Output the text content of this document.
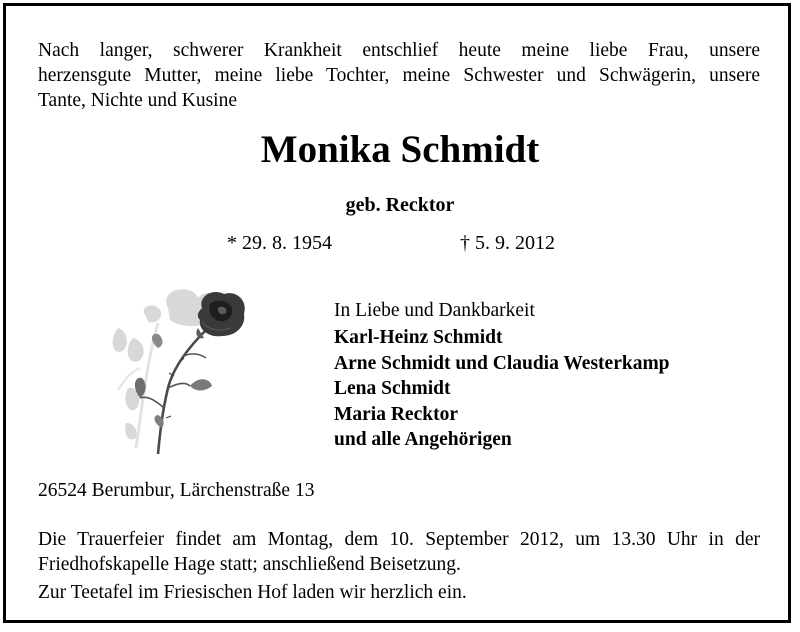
Nach langer, schwerer Krankheit entschlief heute meine liebe Frau, unsere
herzensgute Mutter, meine liebe Tochter, meine Schwester und Schwägerin, unsere
Tante, Nichte und Kusine
Monika Schmidt
geb. Recktor
* 29. 8. 1954	† 5. 9. 2012
In Liebe und Dankbarkeit
Karl-Heinz Schmidt
Arne Schmidt und Claudia Westerkamp
Lena Schmidt
Maria Recktor
und alle Angehörigen
26524 Berumbur, Lärchenstraße 13
Die Trauerfeier findet am Montag, dem 10. September 2012, um 13.30 Uhr in der
Friedhofskapelle Hage statt; anschließend Beisetzung.
Zur Teetafel im Friesischen Hof laden wir herzlich ein.
